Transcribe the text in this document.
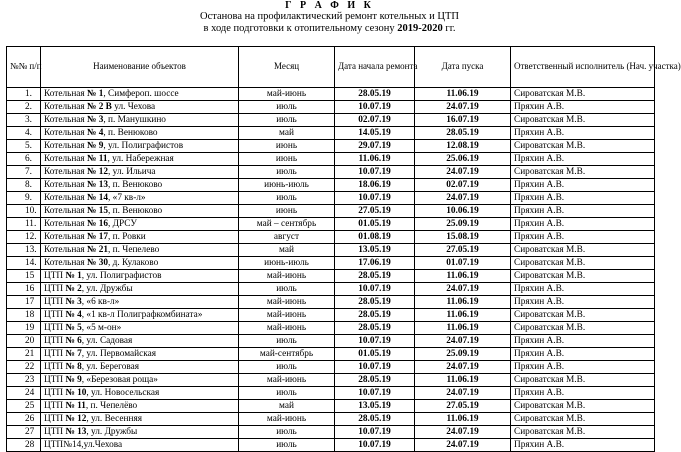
Г Р А Ф И К
Останова на профилактический ремонт котельных и ЦТП
в ходе подготовки к отопительному сезону 2019-2020 гг.
№№ п/п	Наименование объектов	Месяц	Дата начала ремонта	Дата пуска	Ответственный исполнитель (Нач. участка)
1.	Котельная № 1, Симфероп. шоссе	май-июнь	28.05.19	11.06.19	Сироватская М.В.
2.	Котельная № 2 В ул. Чехова	июль	10.07.19	24.07.19	Пряхин А.В.
3.	Котельная № 3, п. Манушкино	июль	02.07.19	16.07.19	Сироватская М.В.
4.	Котельная № 4, п. Венюково	май	14.05.19	28.05.19	Пряхин А.В.
5.	Котельная № 9, ул. Полиграфистов	июнь	29.07.19	12.08.19	Сироватская М.В.
6.	Котельная № 11, ул. Набережная	июнь	11.06.19	25.06.19	Пряхин А.В.
7.	Котельная № 12, ул. Ильича	июль	10.07.19	24.07.19	Сироватская М.В.
8.	Котельная № 13, п. Венюково	июнь-июль	18.06.19	02.07.19	Пряхин А.В.
9.	Котельная № 14, «7 кв-л»	июль	10.07.19	24.07.19	Пряхин А.В.
10.	Котельная № 15, п. Венюково	июнь	27.05.19	10.06.19	Пряхин А.В.
11.	Котельная № 16, ДРСУ	май – сентябрь	01.05.19	25.09.19	Пряхин А.В.
12.	Котельная № 17, п. Ровки	август	01.08.19	15.08.19	Пряхин А.В.
13.	Котельная № 21, п. Чепелево	май	13.05.19	27.05.19	Сироватская М.В.
14.	Котельная № 30, д. Кулаково	июнь-июль	17.06.19	01.07.19	Сироватская М.В.
15	ЦТП № 1, ул. Полиграфистов	май-июнь	28.05.19	11.06.19	Сироватская М.В.
16	ЦТП № 2, ул. Дружбы	июль	10.07.19	24.07.19	Пряхин А.В.
17	ЦТП № 3, «6 кв-л»	май-июнь	28.05.19	11.06.19	Пряхин А.В.
18	ЦТП № 4, «1 кв-л Полиграфкомбината»	май-июнь	28.05.19	11.06.19	Сироватская М.В.
19	ЦТП № 5, «5 м-он»	май-июнь	28.05.19	11.06.19	Сироватская М.В.
20	ЦТП № 6, ул. Садовая	июль	10.07.19	24.07.19	Пряхин А.В.
21	ЦТП № 7, ул. Первомайская	май-сентябрь	01.05.19	25.09.19	Пряхин А.В.
22	ЦТП № 8, ул. Береговая	июль	10.07.19	24.07.19	Пряхин А.В.
23	ЦТП № 9, «Березовая роща»	май-июнь	28.05.19	11.06.19	Сироватская М.В.
24	ЦТП № 10, ул. Новосельская	июль	10.07.19	24.07.19	Пряхин А.В.
25	ЦТП № 11, п. Чепелёво	май	13.05.19	27.05.19	Сироватская М.В.
26	ЦТП № 12, ул. Весенняя	май-июнь	28.05.19	11.06.19	Сироватская М.В.
27	ЦТП № 13, ул. Дружбы	июль	10.07.19	24.07.19	Сироватская М.В.
28	ЦТП№14,ул.Чехова	июль	10.07.19	24.07.19	Пряхин А.В.
